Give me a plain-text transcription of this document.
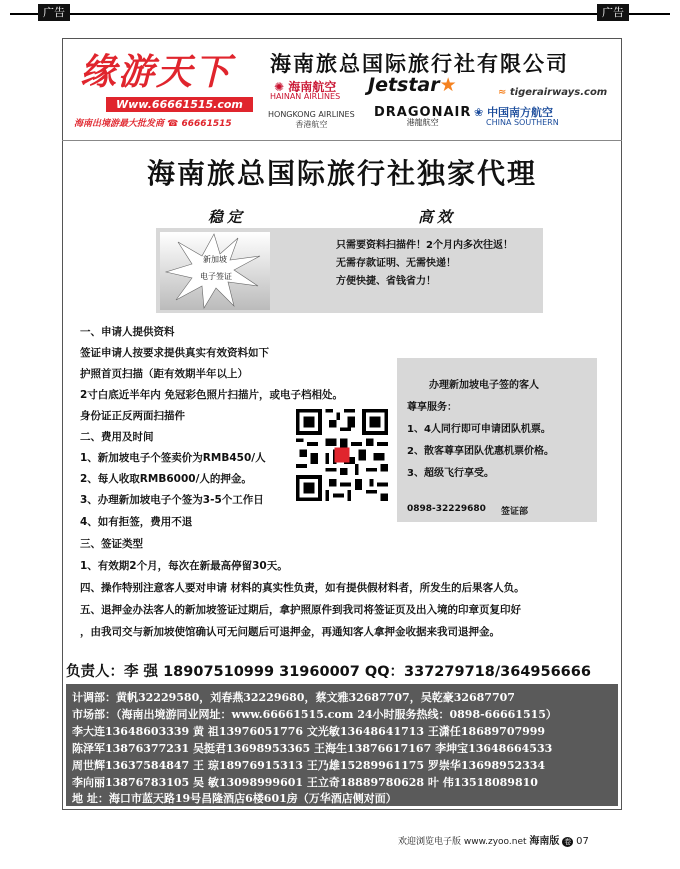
广告	广告
缘游天下
Www.66661515.com
海南出境游最大批发商 ☎ 66661515
海南旅总国际旅行社有限公司
✺ 海南航空
HAINAN AIRLINES
Jetstar★	≈ tigerairways.com
HONGKONG AIRLINES
香港航空
DRAGONAIR
港龍航空
❀ 中国南方航空
CHINA SOUTHERN
海南旅总国际旅行社独家代理
稳定	高效
新加坡
电子签证
只需要资料扫描件！2个月内多次往返！
无需存款证明、无需快递！
方便快捷、省钱省力！
一、申请人提供资料
签证申请人按要求提供真实有效资料如下
护照首页扫描（距有效期半年以上）
2寸白底近半年内 免冠彩色照片扫描片，或电子档相处。
身份证正反两面扫描件
二、费用及时间
1、新加坡电子个签卖价为RMB450/人
2、每人收取RMB6000/人的押金。
3、办理新加坡电子个签为3-5个工作日
4、如有拒签，费用不退
三、签证类型
1、有效期2个月，每次在新最高停留30天。
四、操作特别注意客人要对申请 材料的真实性负责，如有提供假材料者，所发生的后果客人负。
五、退押金办法客人的新加坡签证过期后，拿护照原件到我司将签证页及出入境的印章页复印好
，由我司交与新加坡使馆确认可无问题后可退押金，再通知客人拿押金收据来我司退押金。
办理新加坡电子签的客人
尊享服务：
1、4人同行即可申请团队机票。
2、散客尊享团队优惠机票价格。
3、超级飞行享受。
0898-32229680 签证部
负责人：李 强 18907510999 31960007 QQ：337279718/364956666
计调部：黄帆32229580，刘春燕32229680，蔡文雅32687707，吴乾豪32687707
市场部：（海南出境游同业网址：www.66661515.com 24小时服务热线：0898-66661515）
李大连13648603339 黄 祖13976051776 文光敏13648641713 王潇任18689707999
陈泽军13876377231 吴挺君13698953365 王海生13876617167 李坤宝13648664533
周世辉13637584847 王 琼18976915313 王乃雄15289961175 罗崇华13698952334
李向丽13876783105 吴 敏13098999601 王立奇18889780628 叶 伟13518089810
地 址：海口市蓝天路19号昌隆酒店6楼601房（万华酒店侧对面）
欢迎浏览电子版 www.zyoo.net 海南版 卷 07
